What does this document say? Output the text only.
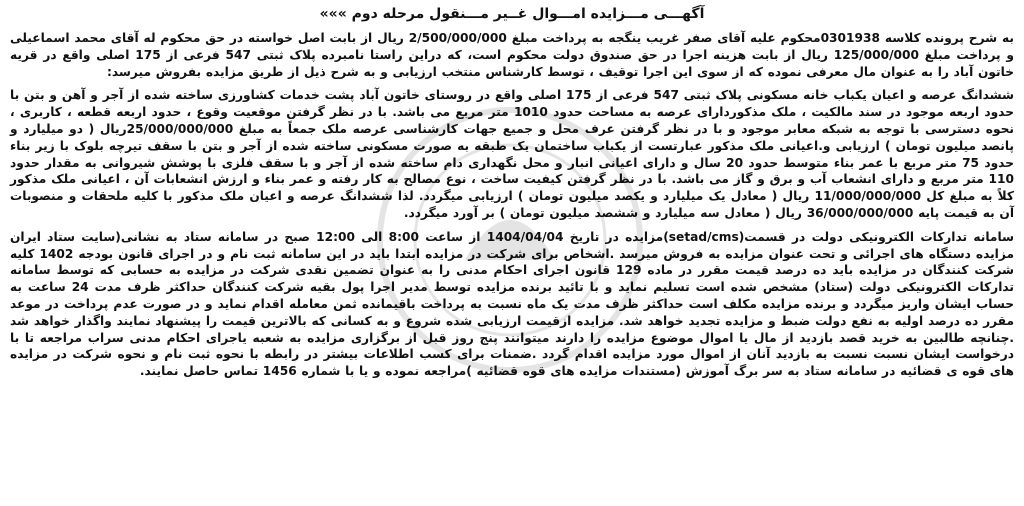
آگهـــی مـــزایده امـــوال غــیر مـــنقول مرحله دوم »»»
به شرح پرونده کلاسه 0301938محکوم علیه آقای صفر غریب ینگجه به پرداخت مبلغ 2/500/000/000 ریال از بابت اصل خواسته در حق محکوم له آقای محمد اسماعیلی و پرداخت مبلغ 125/000/000 ریال از بابت هزینه اجرا در حق صندوق دولت محکوم است، که دراین راستا نامبرده پلاک ثبتی 547 فرعی از 175 اصلی واقع در قریه خاتون آباد را به عنوان مال معرفی نموده که از سوی این اجرا توقیف ، توسط کارشناس منتخب ارزیابی و به شرح ذیل از طریق مزایده بفروش میرسد:
ششدانگ عرصه و اعیان یکباب خانه مسکونی پلاک ثبتی 547 فرعی از 175 اصلی واقع در روستای خاتون آباد پشت خدمات کشاورزی ساخته شده از آجر و آهن و بتن با حدود اربعه موجود در سند مالکیت ، ملک مذکوردارای عرصه به مساحت حدود 1010 متر مربع می باشد. با در نظر گرفتن موقعیت وقوع ، حدود اربعه قطعه ، کاربری ، نحوه دسترسی با توجه به شبکه معابر موجود و با در نظر گرفتن عرف محل و جمیع جهات کارشناسی عرصه ملک جمعاً به مبلغ 25/000/000/000ریال ( دو میلیارد و پانصد میلیون تومان ) ارزیابی و.اعیانی ملک مذکور عبارتست از یکباب ساختمان یک طبقه به صورت مسکونی ساخته شده از آجر و بتن با سقف تیرچه بلوک با زیر بناء حدود 75 متر مربع با عمر بناء متوسط حدود 20 سال و دارای اعیانی انبار و محل نگهداری دام ساخته شده از آجر و با سقف فلزی با پوشش شیروانی به مقدار حدود 110 متر مربع و دارای انشعاب آب و برق و گاز می باشد. با در نظر گرفتن کیفیت ساخت ، نوع مصالح به کار رفته و عمر بناء و ارزش انشعابات آن ، اعیانی ملک مذکور کلاً به مبلغ کل 11/000/000/000 ریال ( معادل یک میلیارد و یکصد میلیون تومان ) ارزیابی میگردد. لذا ششدانگ عرصه و اعیان ملک مذکور با کلیه ملحقات و منصوبات آن به قیمت پایه 36/000/000/000 ریال ( معادل سه میلیارد و ششصد میلیون تومان ) بر آورد میگردد.
سامانه تدارکات الکترونیکی دولت در قسمت(setad/cms)مزایده در تاریخ 1404/04/04 از ساعت 8:00 الی 12:00 صبح در سامانه ستاد به نشانی(سایت ستاد ایران مزایده دستگاه های اجرائی و تحت عنوان مزایده به فروش میرسد .اشخاص برای شرکت در مزایده ابتدا باید در این سامانه ثبت نام و در اجرای قانون بودجه 1402 کلیه شرکت کنندگان در مزایده باید ده درصد قیمت مقرر در ماده 129 قانون اجرای احکام مدنی را به عنوان تضمین نقدی شرکت در مزایده به حسابی که توسط سامانه تدارکات الکترونیکی دولت (ستاد) مشخص شده است تسلیم نماید و با تائید برنده مزایده توسط مدیر اجرا پول بقیه شرکت کنندگان حداکثر ظرف مدت 24 ساعت به حساب ایشان واریز میگردد و برنده مزایده مکلف است حداکثر ظرف مدت یک ماه نسبت به پرداخت باقیمانده ثمن معامله اقدام نماید و در صورت عدم پرداخت در موعد مقرر ده درصد اولیه به نفع دولت ضبط و مزایده تجدید خواهد شد. مزایده ازقیمت ارزیابی شده شروع و به کسانی که بالاترین قیمت را پیشنهاد نمایند واگذار خواهد شد .چنانچه طالبین به خرید قصد بازدید از مال یا اموال موضوع مزایده را دارند میتوانند پنج روز قبل از برگزاری مزایده به شعبه یاجرای احکام مدنی سراب مراجعه تا با درخواست ایشان نسبت نسبت به بازدید آنان از اموال مورد مزایده اقدام گردد .ضمنات برای کسب اطلاعات بیشتر در رابطه با نحوه ثبت نام و نحوه شرکت در مزایده های قوه ی قضائیه در سامانه ستاد به سر برگ آموزش (مستندات مزایده های قوه قضائیه )مراجعه نموده و یا با شماره 1456 تماس حاصل نمایند.
